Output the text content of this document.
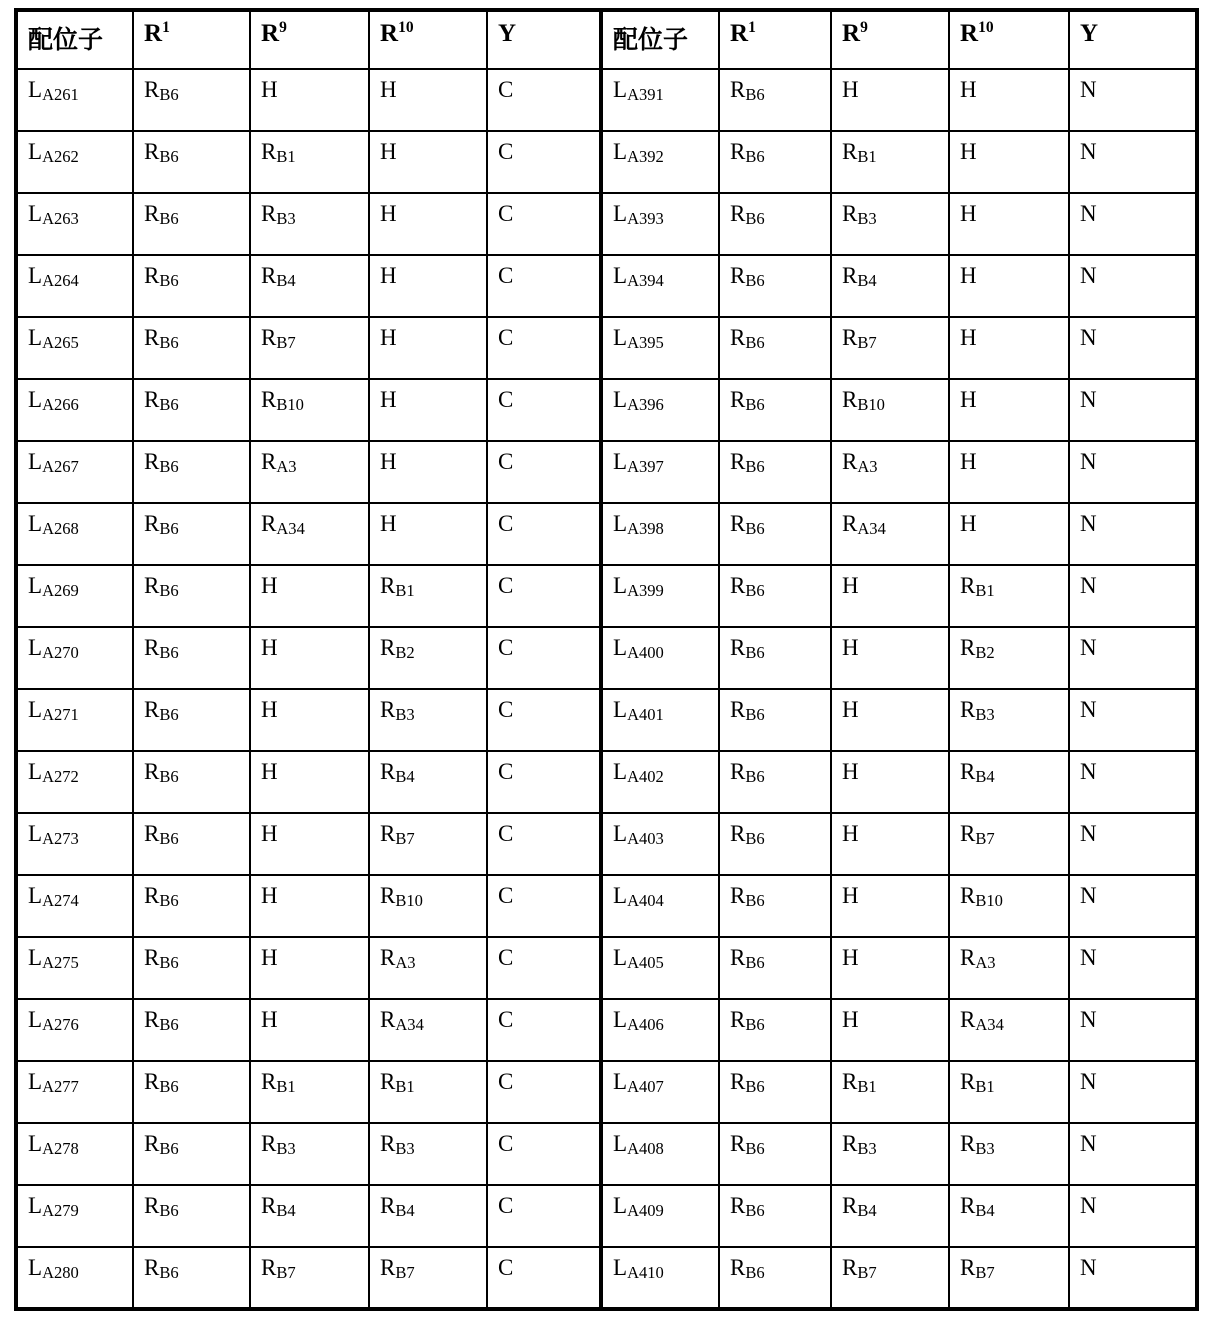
配位子	$R^1$	$R^9$	$R^{10}$	Y	配位子	$R^1$	$R^9$	$R^{10}$	Y
$L_{A261}$	$R_{B6}$	H	H	C	$L_{A391}$	$R_{B6}$	H	H	N
$L_{A262}$	$R_{B6}$	$R_{B1}$	H	C	$L_{A392}$	$R_{B6}$	$R_{B1}$	H	N
$L_{A263}$	$R_{B6}$	$R_{B3}$	H	C	$L_{A393}$	$R_{B6}$	$R_{B3}$	H	N
$L_{A264}$	$R_{B6}$	$R_{B4}$	H	C	$L_{A394}$	$R_{B6}$	$R_{B4}$	H	N
$L_{A265}$	$R_{B6}$	$R_{B7}$	H	C	$L_{A395}$	$R_{B6}$	$R_{B7}$	H	N
$L_{A266}$	$R_{B6}$	$R_{B10}$	H	C	$L_{A396}$	$R_{B6}$	$R_{B10}$	H	N
$L_{A267}$	$R_{B6}$	$R_{A3}$	H	C	$L_{A397}$	$R_{B6}$	$R_{A3}$	H	N
$L_{A268}$	$R_{B6}$	$R_{A34}$	H	C	$L_{A398}$	$R_{B6}$	$R_{A34}$	H	N
$L_{A269}$	$R_{B6}$	H	$R_{B1}$	C	$L_{A399}$	$R_{B6}$	H	$R_{B1}$	N
$L_{A270}$	$R_{B6}$	H	$R_{B2}$	C	$L_{A400}$	$R_{B6}$	H	$R_{B2}$	N
$L_{A271}$	$R_{B6}$	H	$R_{B3}$	C	$L_{A401}$	$R_{B6}$	H	$R_{B3}$	N
$L_{A272}$	$R_{B6}$	H	$R_{B4}$	C	$L_{A402}$	$R_{B6}$	H	$R_{B4}$	N
$L_{A273}$	$R_{B6}$	H	$R_{B7}$	C	$L_{A403}$	$R_{B6}$	H	$R_{B7}$	N
$L_{A274}$	$R_{B6}$	H	$R_{B10}$	C	$L_{A404}$	$R_{B6}$	H	$R_{B10}$	N
$L_{A275}$	$R_{B6}$	H	$R_{A3}$	C	$L_{A405}$	$R_{B6}$	H	$R_{A3}$	N
$L_{A276}$	$R_{B6}$	H	$R_{A34}$	C	$L_{A406}$	$R_{B6}$	H	$R_{A34}$	N
$L_{A277}$	$R_{B6}$	$R_{B1}$	$R_{B1}$	C	$L_{A407}$	$R_{B6}$	$R_{B1}$	$R_{B1}$	N
$L_{A278}$	$R_{B6}$	$R_{B3}$	$R_{B3}$	C	$L_{A408}$	$R_{B6}$	$R_{B3}$	$R_{B3}$	N
$L_{A279}$	$R_{B6}$	$R_{B4}$	$R_{B4}$	C	$L_{A409}$	$R_{B6}$	$R_{B4}$	$R_{B4}$	N
$L_{A280}$	$R_{B6}$	$R_{B7}$	$R_{B7}$	C	$L_{A410}$	$R_{B6}$	$R_{B7}$	$R_{B7}$	N
